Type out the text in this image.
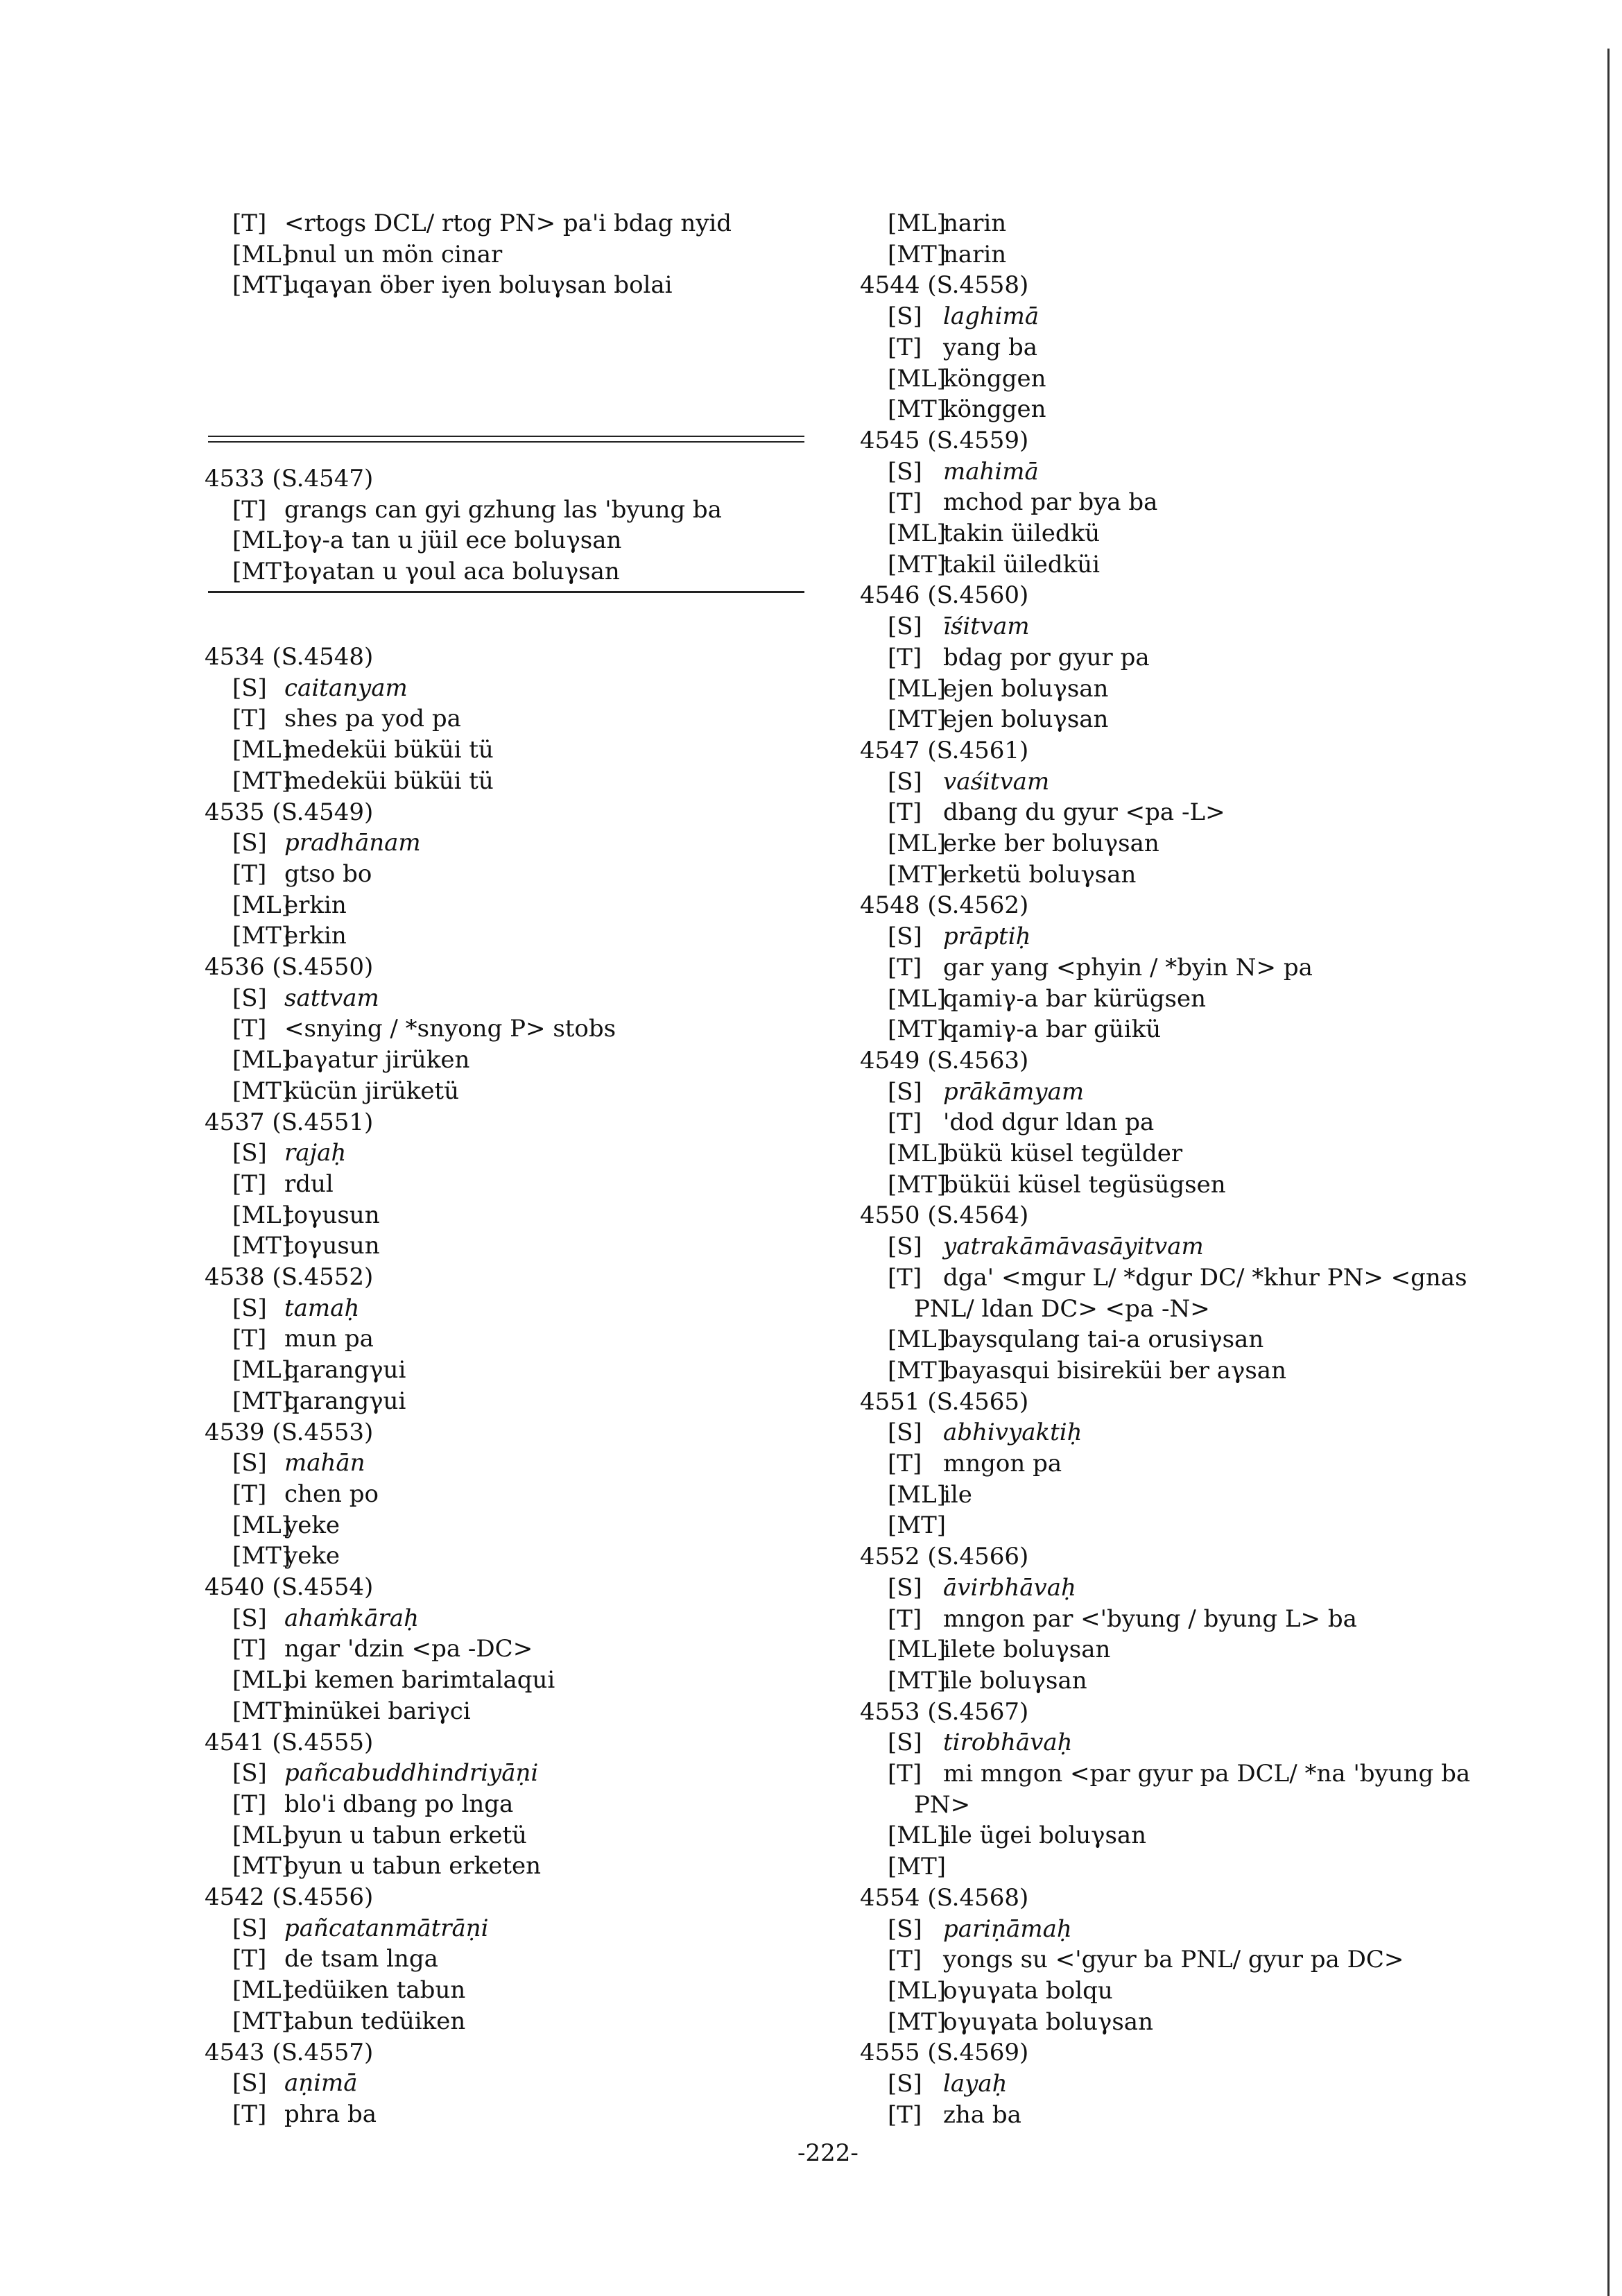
[T] <rtogs DCL/ rtog PN> pa'i bdag nyid
[ML]
onul un mön cinar
[MT]
uqaγan öber iyen boluγsan bolai
4533 (S.4547)
[T] grangs can gyi gzhung las 'byung ba
[ML]
toγ-a tan u jüil ece boluγsan
[MT]
toγatan u γoul aca boluγsan
4534 (S.4548)
[S] caitanyam
[T] shes pa yod pa
[ML]
medeküi büküi tü
[MT]
medeküi büküi tü
4535 (S.4549)
[S] pradhānam
[T] gtso bo
[ML]
erkin
[MT]
erkin
4536 (S.4550)
[S] sattvam
[T] <snying / *snyong P> stobs
[ML]
baγatur jirüken
[MT]
kücün jirüketü
4537 (S.4551)
[S] rajaḥ
[T] rdul
[ML]
toγusun
[MT]
toγusun
4538 (S.4552)
[S] tamaḥ
[T] mun pa
[ML]
qarangγui
[MT]
qarangγui
4539 (S.4553)
[S] mahān
[T] chen po
[ML]
yeke
[MT]
yeke
4540 (S.4554)
[S] ahaṁkāraḥ
[T] ngar 'dzin <pa -DC>
[ML]
bi kemen barimtalaqui
[MT]
minükei bariγci
4541 (S.4555)
[S] pañcabuddhindriyāṇi
[T] blo'i dbang po lnga
[ML]
oyun u tabun erketü
[MT]
oyun u tabun erketen
4542 (S.4556)
[S] pañcatanmātrāṇi
[T] de tsam lnga
[ML]
tedüiken tabun
[MT]
tabun tedüiken
4543 (S.4557)
[S] aṇimā
[T] phra ba
[ML]
narin
[MT]
narin
4544 (S.4558)
[S] laghimā
[T] yang ba
[ML]
könggen
[MT]
könggen
4545 (S.4559)
[S] mahimā
[T] mchod par bya ba
[ML]
takin üiledkü
[MT]
takil üiledküi
4546 (S.4560)
[S] īśitvam
[T] bdag por gyur pa
[ML]
ejen boluγsan
[MT]
ejen boluγsan
4547 (S.4561)
[S] vaśitvam
[T] dbang du gyur <pa -L>
[ML]
erke ber boluγsan
[MT]
erketü boluγsan
4548 (S.4562)
[S] prāptiḥ
[T] gar yang <phyin / *byin N> pa
[ML]
qamiγ-a bar kürügsen
[MT]
qamiγ-a bar güikü
4549 (S.4563)
[S] prākāmyam
[T] 'dod dgur ldan pa
[ML]
bükü küsel tegülder
[MT]
büküi küsel tegüsügsen
4550 (S.4564)
[S] yatrakāmāvasāyitvam
[T] dga' <mgur L/ *dgur DC/ *khur PN> <gnas
PNL/ ldan DC> <pa -N>
[ML]
baysqulang tai-a orusiγsan
[MT]
bayasqui bisireküi ber aγsan
4551 (S.4565)
[S] abhivyaktiḥ
[T] mngon pa
[ML]
ile
[MT]
4552 (S.4566)
[S] āvirbhāvaḥ
[T] mngon par <'byung / byung L> ba
[ML]
ilete boluγsan
[MT]
ile boluγsan
4553 (S.4567)
[S] tirobhāvaḥ
[T] mi mngon <par gyur pa DCL/ *na 'byung ba
PN>
[ML]
ile ügei boluγsan
[MT]
4554 (S.4568)
[S] pariṇāmaḥ
[T] yongs su <'gyur ba PNL/ gyur pa DC>
[ML]
oγuγata bolqu
[MT]
oγuγata boluγsan
4555 (S.4569)
[S] layaḥ
[T] zha ba
-222-
